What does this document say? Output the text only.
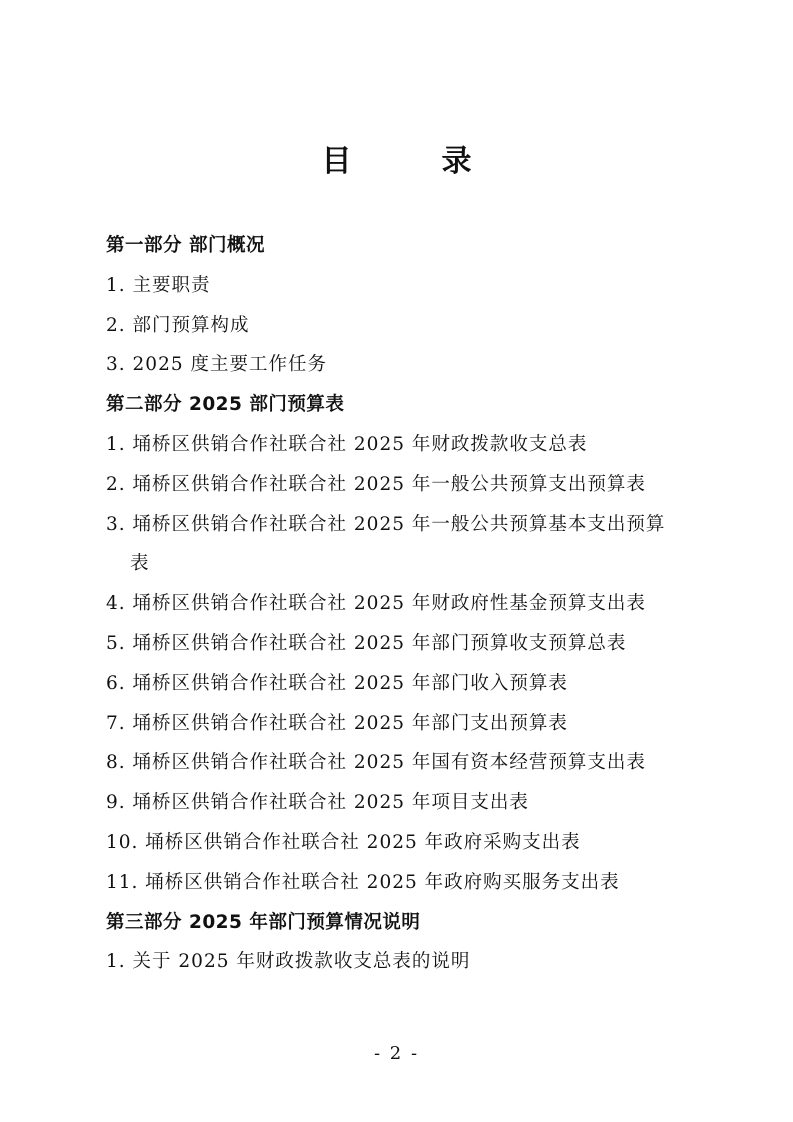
目　录
第一部分 部门概况
1. 主要职责
2. 部门预算构成
3. 2025 度主要工作任务
第二部分 2025 部门预算表
1. 埇桥区供销合作社联合社 2025 年财政拨款收支总表
2. 埇桥区供销合作社联合社 2025 年一般公共预算支出预算表
3. 埇桥区供销合作社联合社 2025 年一般公共预算基本支出预算
表
4. 埇桥区供销合作社联合社 2025 年财政府性基金预算支出表
5. 埇桥区供销合作社联合社 2025 年部门预算收支预算总表
6. 埇桥区供销合作社联合社 2025 年部门收入预算表
7. 埇桥区供销合作社联合社 2025 年部门支出预算表
8. 埇桥区供销合作社联合社 2025 年国有资本经营预算支出表
9. 埇桥区供销合作社联合社 2025 年项目支出表
10. 埇桥区供销合作社联合社 2025 年政府采购支出表
11. 埇桥区供销合作社联合社 2025 年政府购买服务支出表
第三部分 2025 年部门预算情况说明
1. 关于 2025 年财政拨款收支总表的说明
- 2 -
